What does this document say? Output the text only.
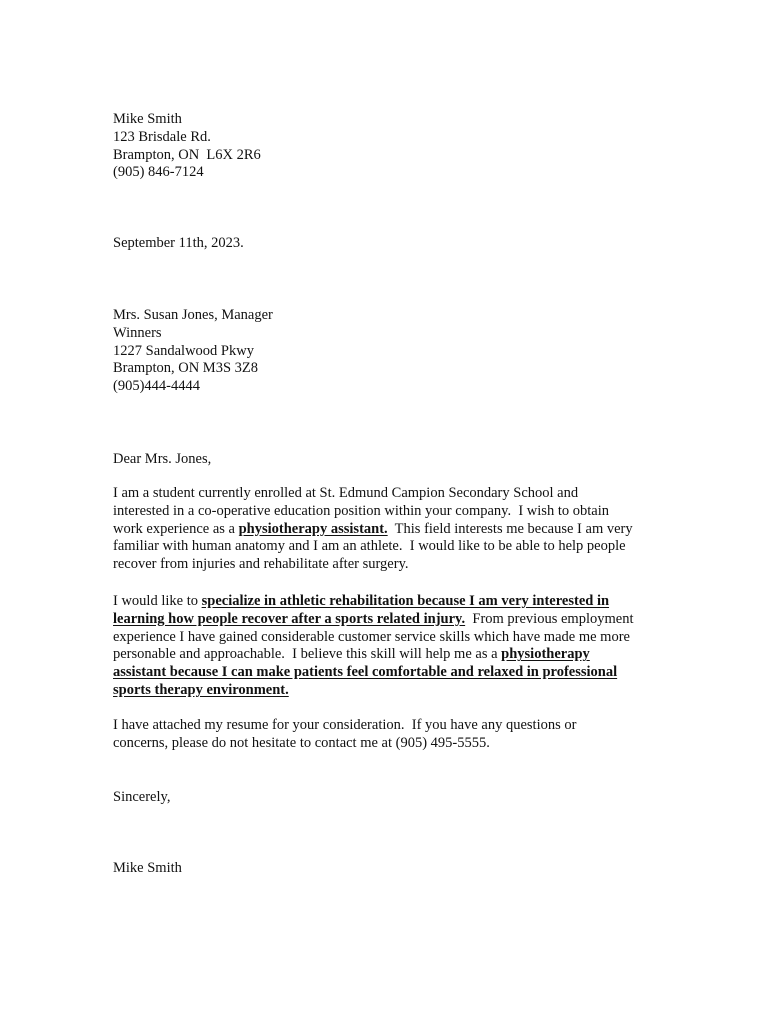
Mike Smith
123 Brisdale Rd.
Brampton, ON  L6X 2R6
(905) 846-7124
September 11th, 2023.
Mrs. Susan Jones, Manager
Winners
1227 Sandalwood Pkwy
Brampton, ON M3S 3Z8
(905)444-4444
Dear Mrs. Jones,
I am a student currently enrolled at St. Edmund Campion Secondary School and
interested in a co-operative education position within your company.  I wish to obtain
work experience as a physiotherapy assistant.  This field interests me because I am very
familiar with human anatomy and I am an athlete.  I would like to be able to help people
recover from injuries and rehabilitate after surgery.
I would like to specialize in athletic rehabilitation because I am very interested in
learning how people recover after a sports related injury.  From previous employment
experience I have gained considerable customer service skills which have made me more
personable and approachable.  I believe this skill will help me as a physiotherapy
assistant because I can make patients feel comfortable and relaxed in professional
sports therapy environment.
I have attached my resume for your consideration.  If you have any questions or
concerns, please do not hesitate to contact me at (905) 495-5555.
Sincerely,
Mike Smith
